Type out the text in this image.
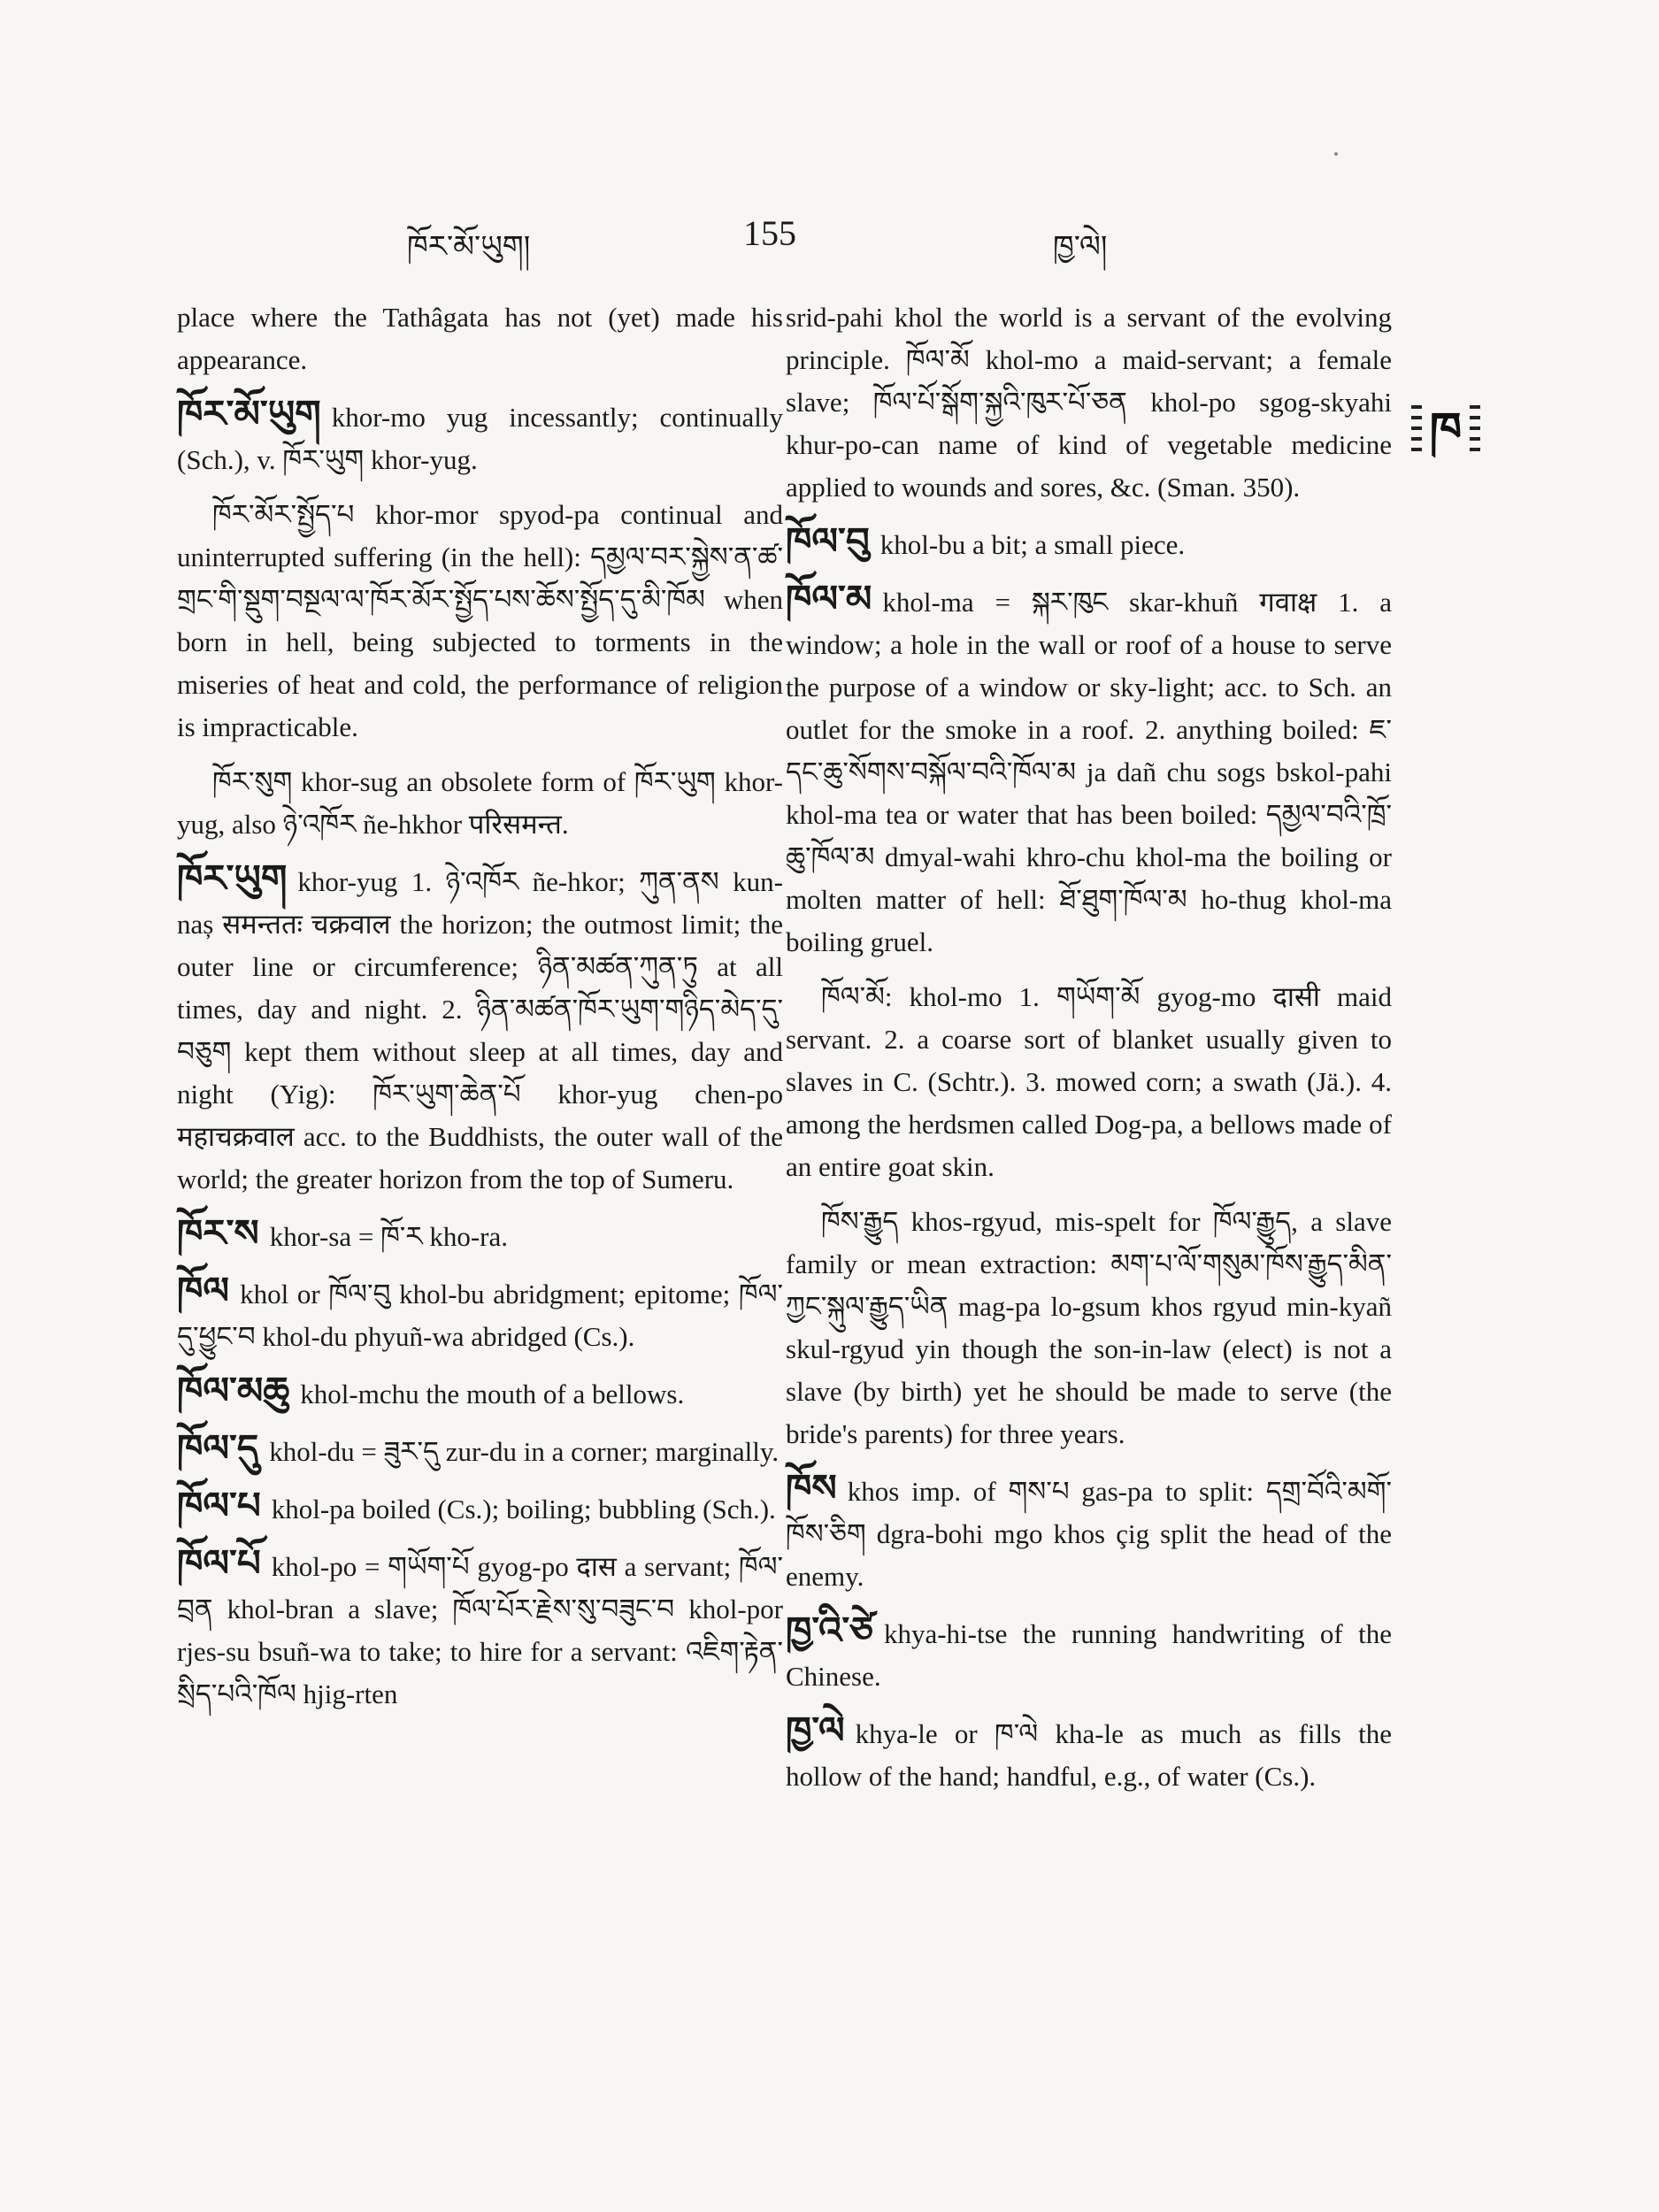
ཁོར་མོ་ཡུག།	155	ཁྱ་ལེ།

place where the Tathâgata has not (yet) made his appearance.

ཁོར་མོ་ཡུག khor-mo yug incessantly; continually (Sch.), v. ཁོར་ཡུག khor-yug.

ཁོར་མོར་སྤྱོད་པ khor-mor spyod-pa continual and uninterrupted suffering (in the hell): དམྱལ་བར་སྐྱེས་ན་ཚ་གྲང་གི་སྡུག་བསྔལ་ལ་ཁོར་མོར་སྤྱོད་པས་ཆོས་སྤྱོད་དུ་མི་ཁོམ when born in hell, being subjected to torments in the miseries of heat and cold, the performance of religion is impracticable.

ཁོར་སུག khor-sug an obsolete form of ཁོར་ཡུག khor-yug, also ཉེ་འཁོར ñe-hkhor परिसमन्त.

ཁོར་ཡུག khor-yug 1. ཉེ་འཁོར ñe-hkor; ཀུན་ནས kun-naș समन्ततः चक्रवाल the horizon; the outmost limit; the outer line or circumference; ཉིན་མཚན་ཀུན་ཏུ at all times, day and night. 2. ཉིན་མཚན་ཁོར་ཡུག་གཉིད་མེད་དུ་བཅུག kept them without sleep at all times, day and night (Yig): ཁོར་ཡུག་ཆེན་པོ khor-yug chen-po महाचक्रवाल acc. to the Buddhists, the outer wall of the world; the greater horizon from the top of Sumeru.

ཁོར་ས khor-sa = ཁོ་ར kho-ra.

ཁོལ khol or ཁོལ་བུ khol-bu abridgment; epitome; ཁོལ་དུ་ཕྱུང་བ khol-du phyuñ-wa abridged (Cs.).

ཁོལ་མཆུ khol-mchu the mouth of a bellows.

ཁོལ་དུ khol-du = ཟུར་དུ zur-du in a corner; marginally.

ཁོལ་པ khol-pa boiled (Cs.); boiling; bubbling (Sch.).

ཁོལ་པོ khol-po = གཡོག་པོ gyog-po दास a servant; ཁོལ་བྲན khol-bran a slave; ཁོལ་པོར་རྗེས་སུ་བཟུང་བ khol-por rjes-su bsuñ-wa to take; to hire for a servant: འཇིག་རྟེན་སྲིད་པའི་ཁོལ hjig-rten

srid-pahi khol the world is a servant of the evolving principle. ཁོལ་མོ khol-mo a maid-servant; a female slave; ཁོལ་པོ་སྒོག་སྐྱའི་ཁུར་པོ་ཅན khol-po sgog-skyahi khur-po-can name of kind of vegetable medicine applied to wounds and sores, &c. (Sman. 350).

ཁོལ་བུ khol-bu a bit; a small piece.

ཁོལ་མ khol-ma = སྐར་ཁུང skar-khuñ गवाक्ष 1. a window; a hole in the wall or roof of a house to serve the purpose of a window or sky-light; acc. to Sch. an outlet for the smoke in a roof. 2. anything boiled: ཇ་དང་ཆུ་སོགས་བསྐོལ་བའི་ཁོལ་མ ja dañ chu sogs bskol-pahi khol-ma tea or water that has been boiled: དམྱལ་བའི་ཁྲོ་ཆུ་ཁོལ་མ dmyal-wahi khro-chu khol-ma the boiling or molten matter of hell: ཐོ་ཐུག་ཁོལ་མ ho-thug khol-ma boiling gruel.

ཁོལ་མོ: khol-mo 1. གཡོག་མོ gyog-mo दासी maid servant. 2. a coarse sort of blanket usually given to slaves in C. (Schtr.). 3. mowed corn; a swath (Jä.). 4. among the herdsmen called Dog-pa, a bellows made of an entire goat skin.

ཁོས་རྒྱུད khos-rgyud, mis-spelt for ཁོལ་རྒྱུད, a slave family or mean extraction: མག་པ་ལོ་གསུམ་ཁོས་རྒྱུད་མིན་ཀྱང་སྐུལ་རྒྱུད་ཡིན mag-pa lo-gsum khos rgyud min-kyañ skul-rgyud yin though the son-in-law (elect) is not a slave (by birth) yet he should be made to serve (the bride's parents) for three years.

ཁོས khos imp. of གས་པ gas-pa to split: དགྲ་བོའི་མགོ་ཁོས་ཅིག dgra-bohi mgo khos çig split the head of the enemy.

ཁྱ་འི་ཙེ khya-hi-tse the running handwriting of the Chinese.

ཁྱ་ལེ khya-le or ཁ་ལེ kha-le as much as fills the hollow of the hand; handful, e.g., of water (Cs.).

ཁ
